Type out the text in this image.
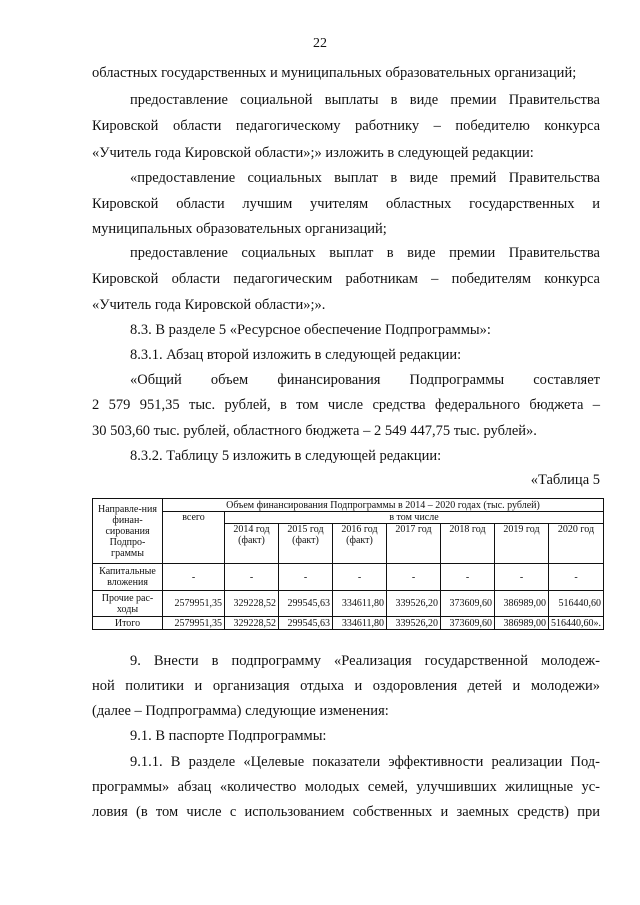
22
областных государственных и муниципальных образовательных организаций;
предоставление социальной выплаты в виде премии Правительства
Кировской области педагогическому работнику – победителю конкурса
«Учитель года Кировской области»;» изложить в следующей редакции:
«предоставление социальных выплат в виде премий Правительства
Кировской области лучшим учителям областных государственных и
муниципальных образовательных организаций;
предоставление социальных выплат в виде премии Правительства
Кировской области педагогическим работникам – победителям конкурса
«Учитель года Кировской области»;».
8.3. В разделе 5 «Ресурсное обеспечение Подпрограммы»:
8.3.1. Абзац второй изложить в следующей редакции:
«Общий объем финансирования Подпрограммы составляет
2 579 951,35 тыс. рублей, в том числе средства федерального бюджета –
30 503,60 тыс. рублей, областного бюджета – 2 549 447,75 тыс. рублей».
8.3.2. Таблицу 5 изложить в следующей редакции:
«Таблица 5
Направле-ния финан-сирования Подпро-граммы	Объем финансирования Подпрограммы в 2014 – 2020 годах (тыс. рублей)							
	всего	в том числе						
		2014 год (факт)	2015 год (факт)	2016 год (факт)	2017 год	2018 год	2019 год	2020 год
Капитальные вложения	-	-	-	-	-	-	-	-
Прочие рас-ходы	2579951,35	329228,52	299545,63	334611,80	339526,20	373609,60	386989,00	516440,60
Итого	2579951,35	329228,52	299545,63	334611,80	339526,20	373609,60	386989,00	516440,60».
9. Внести в подпрограмму «Реализация государственной молодеж-
ной политики и организация отдыха и оздоровления детей и молодежи»
(далее – Подпрограмма) следующие изменения:
9.1. В паспорте Подпрограммы:
9.1.1. В разделе «Целевые показатели эффективности реализации Под-
программы» абзац «количество молодых семей, улучшивших жилищные ус-
ловия (в том числе с использованием собственных и заемных средств) при
